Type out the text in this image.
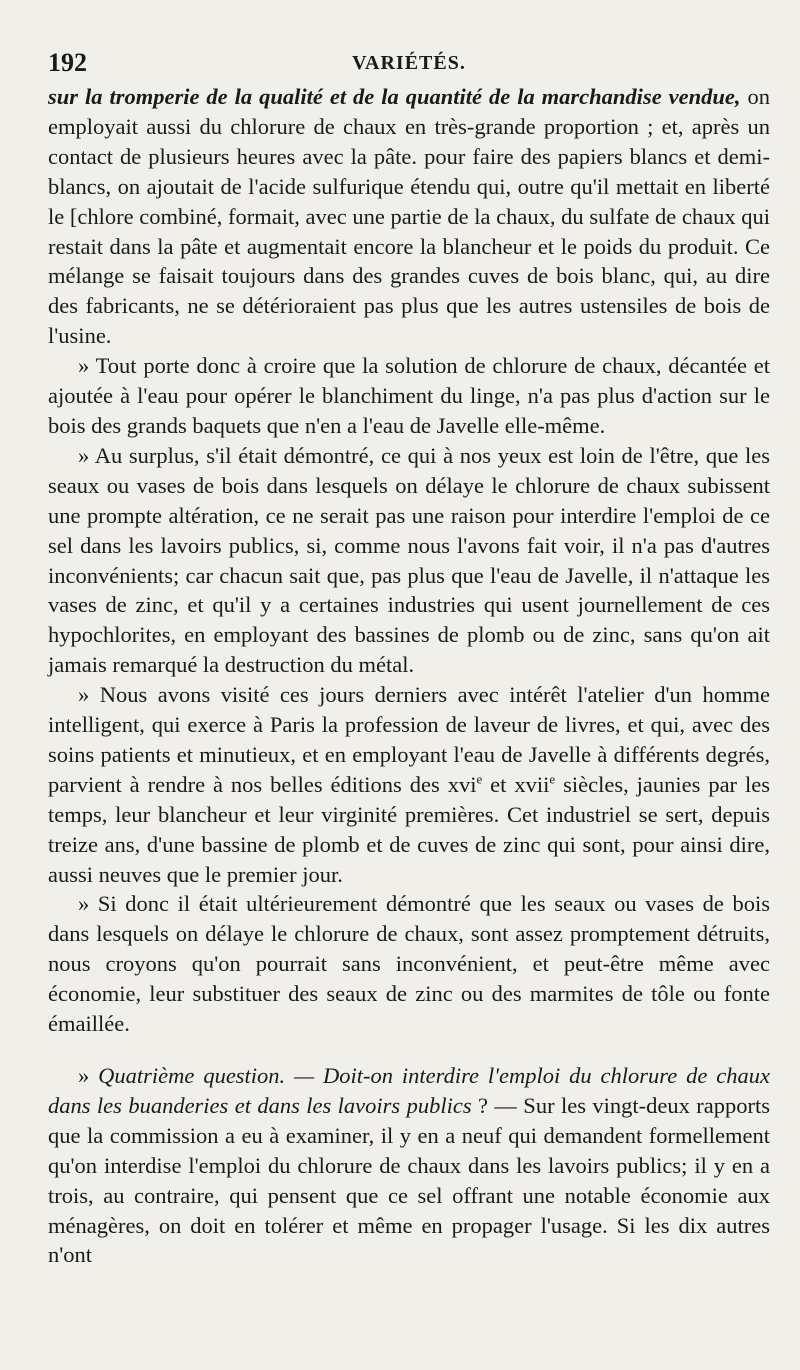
192	VARIÉTÉS.

sur la tromperie de la qualité et de la quantité de la marchandise vendue, on employait aussi du chlorure de chaux en très-grande proportion ; et, après un contact de plusieurs heures avec la pâte. pour faire des papiers blancs et demi-blancs, on ajoutait de l'acide sulfurique étendu qui, outre qu'il mettait en liberté le [chlore combiné, formait, avec une partie de la chaux, du sulfate de chaux qui restait dans la pâte et augmentait encore la blancheur et le poids du produit. Ce mélange se faisait toujours dans des grandes cuves de bois blanc, qui, au dire des fabricants, ne se détérioraient pas plus que les autres ustensiles de bois de l'usine.

» Tout porte donc à croire que la solution de chlorure de chaux, décantée et ajoutée à l'eau pour opérer le blanchiment du linge, n'a pas plus d'action sur le bois des grands baquets que n'en a l'eau de Javelle elle-même.

» Au surplus, s'il était démontré, ce qui à nos yeux est loin de l'être, que les seaux ou vases de bois dans lesquels on délaye le chlorure de chaux subissent une prompte altération, ce ne serait pas une raison pour interdire l'emploi de ce sel dans les lavoirs publics, si, comme nous l'avons fait voir, il n'a pas d'autres inconvénients; car chacun sait que, pas plus que l'eau de Javelle, il n'attaque les vases de zinc, et qu'il y a certaines industries qui usent journellement de ces hypochlorites, en employant des bassines de plomb ou de zinc, sans qu'on ait jamais remarqué la destruction du métal.

» Nous avons visité ces jours derniers avec intérêt l'atelier d'un homme intelligent, qui exerce à Paris la profession de laveur de livres, et qui, avec des soins patients et minutieux, et en employant l'eau de Javelle à différents degrés, parvient à rendre à nos belles éditions des xvi$^e$ et xvii$^e$ siècles, jaunies par les temps, leur blancheur et leur virginité premières. Cet industriel se sert, depuis treize ans, d'une bassine de plomb et de cuves de zinc qui sont, pour ainsi dire, aussi neuves que le premier jour.

» Si donc il était ultérieurement démontré que les seaux ou vases de bois dans lesquels on délaye le chlorure de chaux, sont assez promptement détruits, nous croyons qu'on pourrait sans inconvénient, et peut-être même avec économie, leur substituer des seaux de zinc ou des marmites de tôle ou fonte émaillée.

» Quatrième question. — Doit-on interdire l'emploi du chlorure de chaux dans les buanderies et dans les lavoirs publics ? — Sur les vingt-deux rapports que la commission a eu à examiner, il y en a neuf qui demandent formellement qu'on interdise l'emploi du chlorure de chaux dans les lavoirs publics; il y en a trois, au contraire, qui pensent que ce sel offrant une notable économie aux ménagères, on doit en tolérer et même en propager l'usage. Si les dix autres n'ont
